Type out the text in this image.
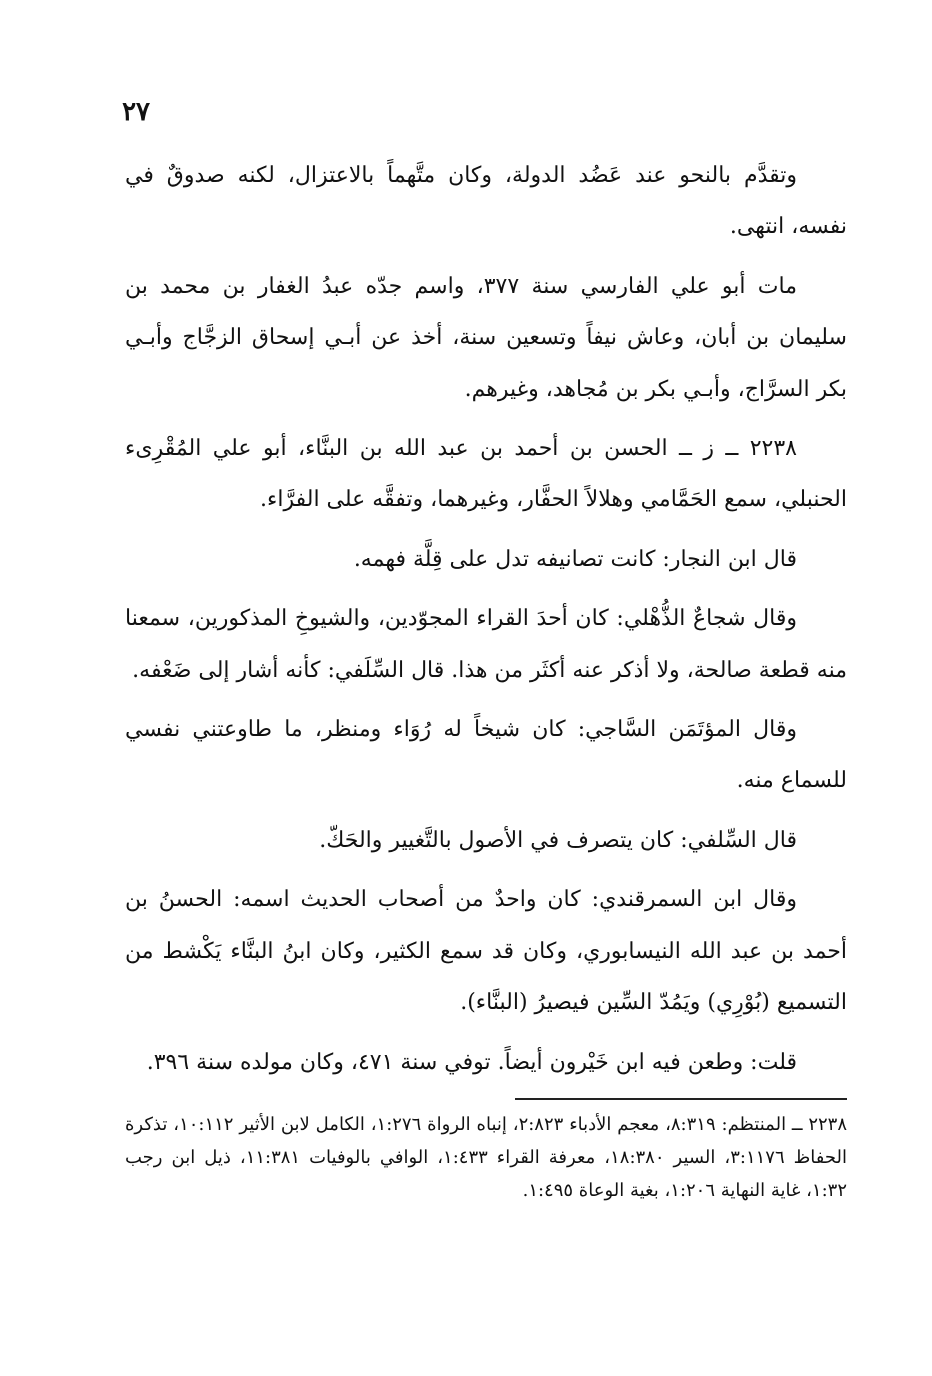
٢٧

وتقدَّم بالنحو عند عَضُد الدولة، وكان متَّهماً بالاعتزال، لكنه صدوقٌ في نفسه، انتهى.

مات أبو علي الفارسي سنة ٣٧٧، واسم جدّه عبدُ الغفار بن محمد بن سليمان بن أبان، وعاش نيفاً وتسعين سنة، أخذ عن أبـي إسحاق الزجَّاج وأبـي بكر السرَّاج، وأبـي بكر بن مُجاهد، وغيرهم.

٢٢٣٨ ــ ز ــ الحسن بن أحمد بن عبد الله بن البنَّاء، أبو علي المُقْرِىء الحنبلي، سمع الحَمَّامي وهلالاً الحفَّار، وغيرهما، وتفقَّه على الفرَّاء.

قال ابن النجار: كانت تصانيفه تدل على قِلَّة فهمه.

وقال شجاعٌ الذُّهْلي: كان أحدَ القراء المجوّدين، والشيوخِ المذكورين، سمعنا منه قطعة صالحة، ولا أذكر عنه أكثَر من هذا. قال السِّلَفي: كأنه أشار إلى ضَعْفه.

وقال المؤتَمَن السَّاجي: كان شيخاً له رُوَاء ومنظر، ما طاوعتني نفسي للسماع منه.

قال السِّلفي: كان يتصرف في الأصول بالتَّغيير والحَكّ.

وقال ابن السمرقندي: كان واحدٌ من أصحاب الحديث اسمه: الحسنُ بن أحمد بن عبد الله النيسابوري، وكان قد سمع الكثير، وكان ابنُ البنَّاء يَكْشط من التسميع (بُوْرِي) ويَمُدّ السِّين فيصيرُ (البنَّاء).

قلت: وطعن فيه ابن خَيْرون أيضاً. توفي سنة ٤٧١، وكان مولده سنة ٣٩٦.

٢٢٣٨ ــ المنتظم: ٨:٣١٩، معجم الأدباء ٢:٨٢٣، إنباه الرواة ١:٢٧٦، الكامل لابن الأثير ١٠:١١٢، تذكرة الحفاظ ٣:١١٧٦، السير ١٨:٣٨٠، معرفة القراء ١:٤٣٣، الوافي بالوفيات ١١:٣٨١، ذيل ابن رجب ١:٣٢، غاية النهاية ١:٢٠٦، بغية الوعاة ١:٤٩٥.
